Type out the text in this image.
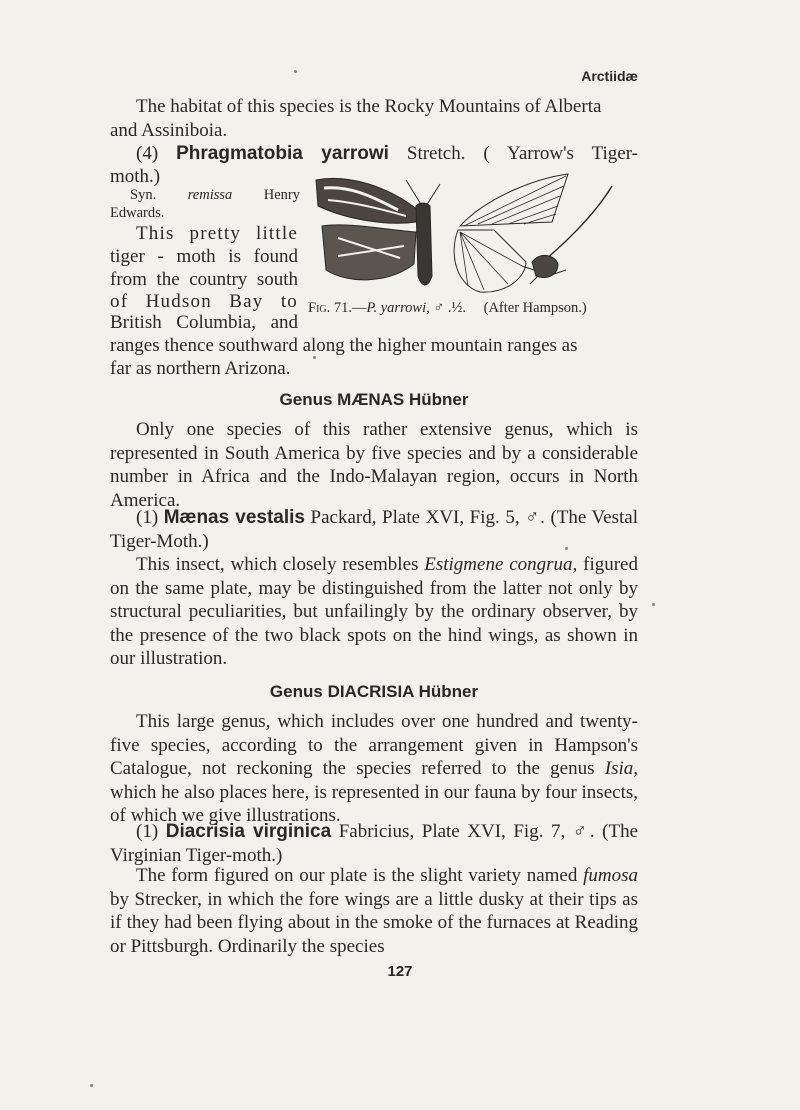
Arctiidæ

The habitat of this species is the Rocky Mountains of Alberta

and Assiniboia.

(4) Phragmatobia yarrowi Stretch. ( Yarrow's Tiger-

moth.)

Syn. remissa Henry
Edwards.
This pretty little
tiger - moth is found
from the country south
of Hudson Bay to
British Columbia, and
Fig. 71.—P. yarrowi, ♂ .½. (After Hampson.)

ranges thence southward along the higher mountain ranges as

far as northern Arizona.

Genus MÆNAS Hübner

Only one species of this rather extensive genus, which is represented in South America by five species and by a considerable number in Africa and the Indo-Malayan region, occurs in North America.

(1) Mænas vestalis Packard, Plate XVI, Fig. 5, ♂. (The Vestal Tiger-Moth.)

This insect, which closely resembles Estigmene congrua, figured on the same plate, may be distinguished from the latter not only by structural peculiarities, but unfailingly by the ordinary observer, by the presence of the two black spots on the hind wings, as shown in our illustration.

Genus DIACRISIA Hübner

This large genus, which includes over one hundred and twenty-five species, according to the arrangement given in Hampson's Catalogue, not reckoning the species referred to the genus Isia, which he also places here, is represented in our fauna by four insects, of which we give illustrations.

(1) Diacrisia virginica Fabricius, Plate XVI, Fig. 7, ♂. (The Virginian Tiger-moth.)

The form figured on our plate is the slight variety named fumosa by Strecker, in which the fore wings are a little dusky at their tips as if they had been flying about in the smoke of the furnaces at Reading or Pittsburgh. Ordinarily the species

127
